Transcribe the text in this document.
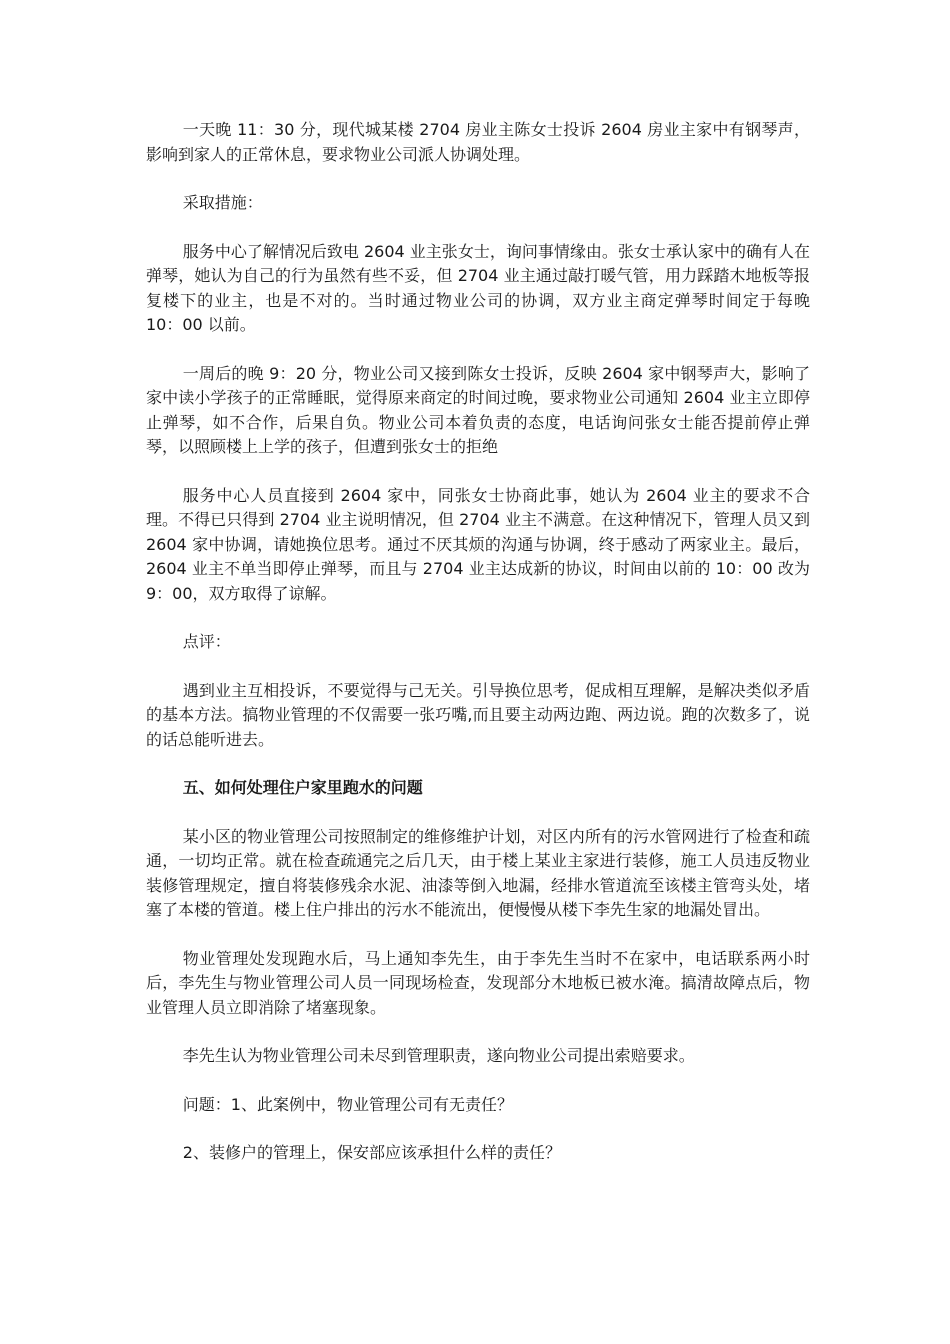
一天晚 11：30 分，现代城某楼 2704 房业主陈女士投诉 2604 房业主家中有钢琴声，影响到家人的正常休息，要求物业公司派人协调处理。

采取措施：

服务中心了解情况后致电 2604 业主张女士，询问事情缘由。张女士承认家中的确有人在弹琴，她认为自己的行为虽然有些不妥，但 2704 业主通过敲打暖气管，用力踩踏木地板等报复楼下的业主，也是不对的。当时通过物业公司的协调，双方业主商定弹琴时间定于每晚 10：00 以前。

一周后的晚 9：20 分，物业公司又接到陈女士投诉，反映 2604 家中钢琴声大，影响了家中读小学孩子的正常睡眠，觉得原来商定的时间过晚，要求物业公司通知 2604 业主立即停止弹琴，如不合作，后果自负。物业公司本着负责的态度，电话询问张女士能否提前停止弹琴，以照顾楼上上学的孩子，但遭到张女士的拒绝

服务中心人员直接到 2604 家中，同张女士协商此事，她认为 2604 业主的要求不合理。不得已只得到 2704 业主说明情况，但 2704 业主不满意。在这种情况下，管理人员又到 2604 家中协调，请她换位思考。通过不厌其烦的沟通与协调，终于感动了两家业主。最后，2604 业主不单当即停止弹琴，而且与 2704 业主达成新的协议，时间由以前的 10：00 改为 9：00，双方取得了谅解。

点评：

遇到业主互相投诉，不要觉得与己无关。引导换位思考，促成相互理解，是解决类似矛盾的基本方法。搞物业管理的不仅需要一张巧嘴,而且要主动两边跑、两边说。跑的次数多了，说的话总能听进去。

五、如何处理住户家里跑水的问题

某小区的物业管理公司按照制定的维修维护计划，对区内所有的污水管网进行了检查和疏通，一切均正常。就在检查疏通完之后几天，由于楼上某业主家进行装修，施工人员违反物业装修管理规定，擅自将装修残余水泥、油漆等倒入地漏，经排水管道流至该楼主管弯头处，堵塞了本楼的管道。楼上住户排出的污水不能流出，便慢慢从楼下李先生家的地漏处冒出。

物业管理处发现跑水后，马上通知李先生，由于李先生当时不在家中，电话联系两小时后，李先生与物业管理公司人员一同现场检查，发现部分木地板已被水淹。搞清故障点后，物业管理人员立即消除了堵塞现象。

李先生认为物业管理公司未尽到管理职责，遂向物业公司提出索赔要求。

问题：1、此案例中，物业管理公司有无责任？

2、装修户的管理上，保安部应该承担什么样的责任？
